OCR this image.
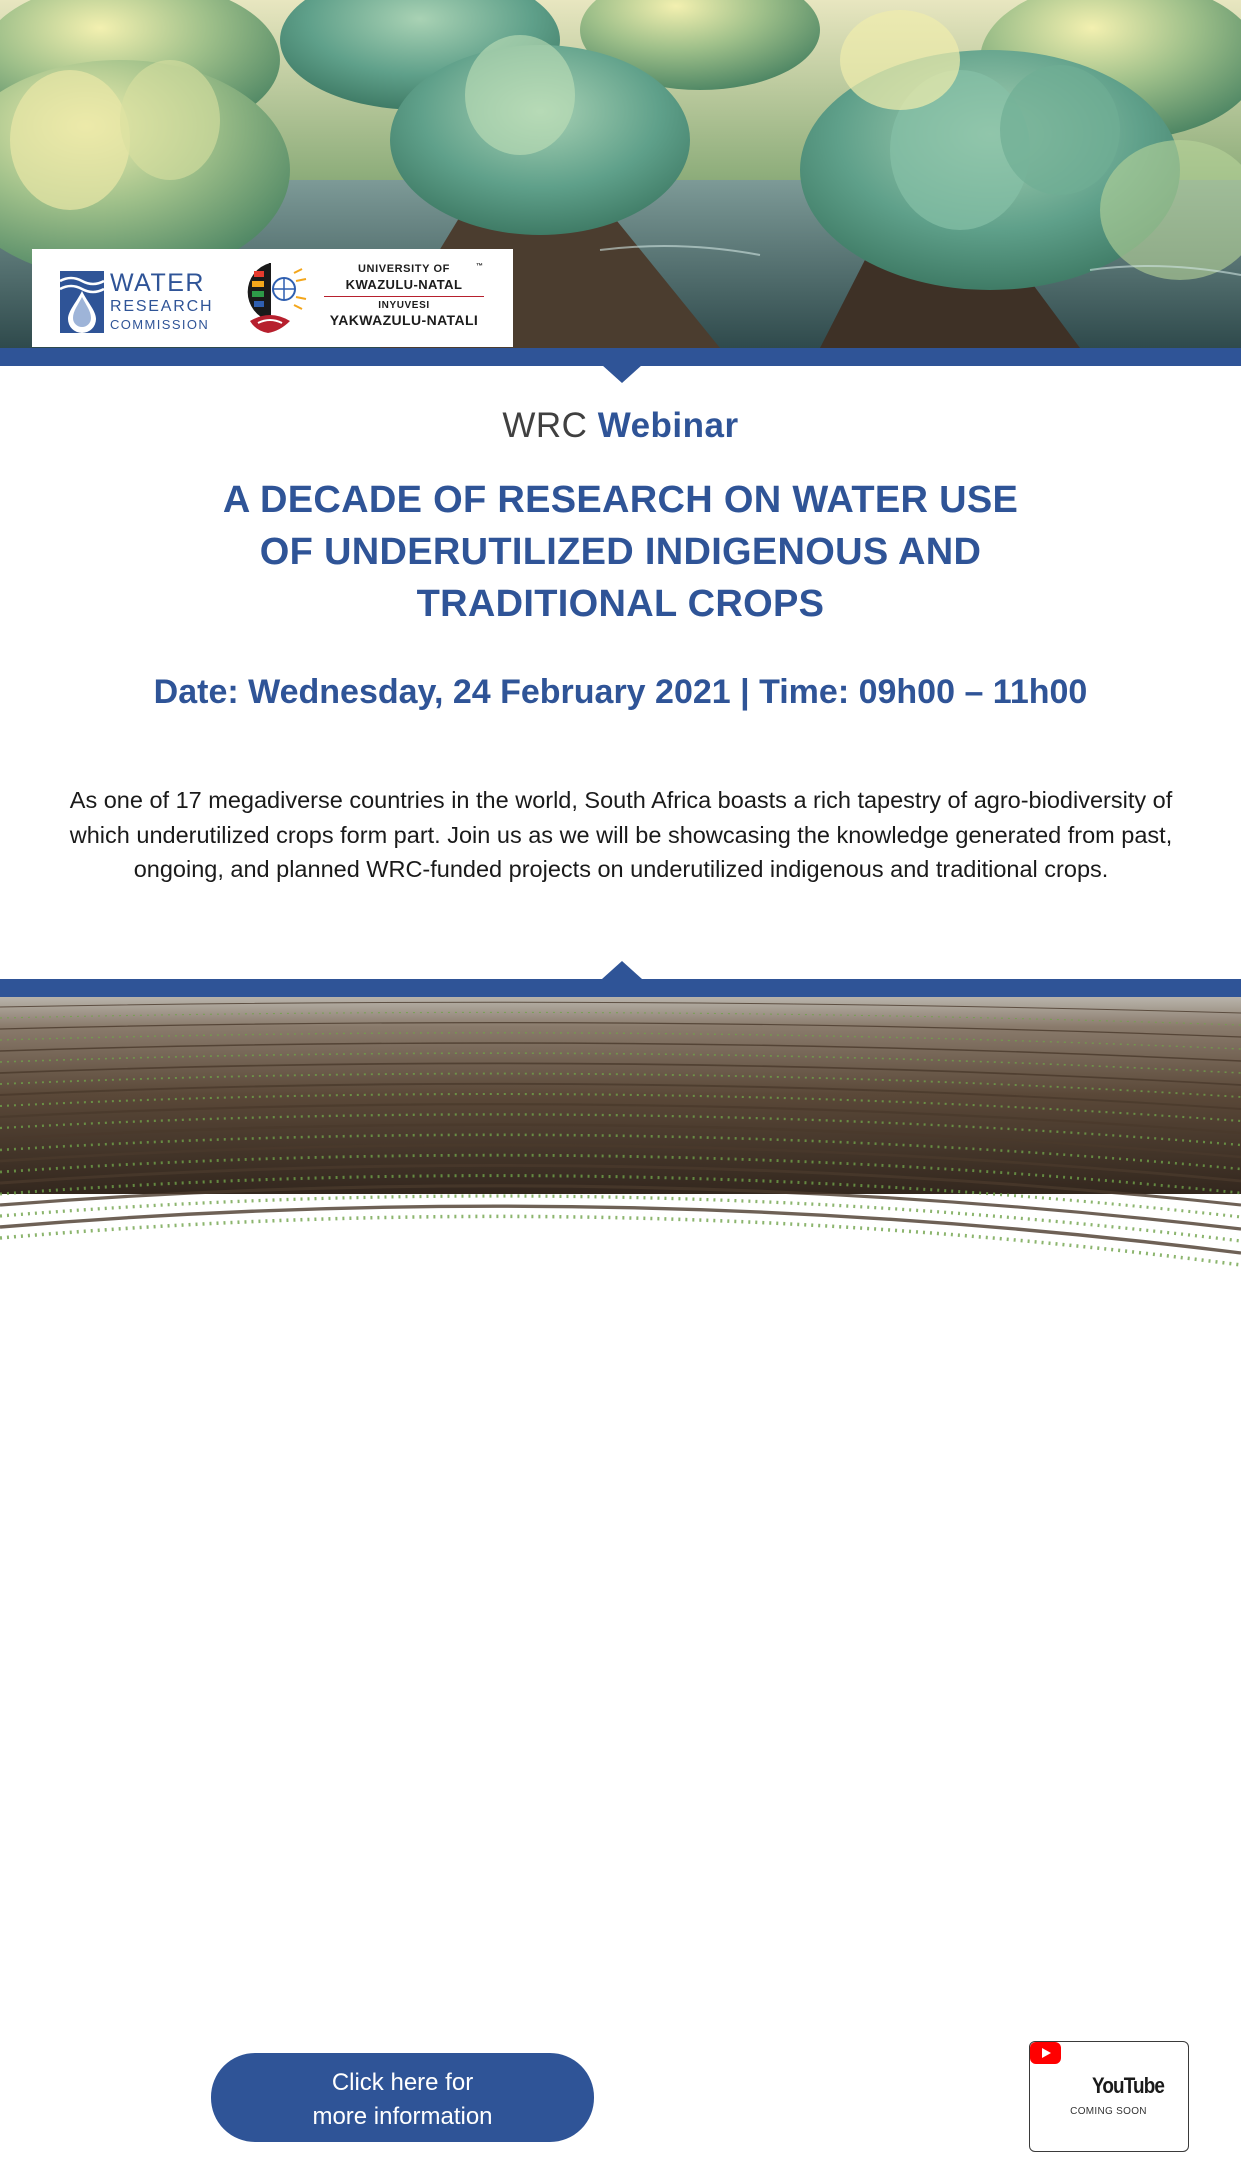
WATER
RESEARCH
COMMISSION
UNIVERSITY OF
KWAZULU-NATAL
INYUVESI
YAKWAZULU-NATALI
™
WRC Webinar
A DECADE OF RESEARCH ON WATER USE
OF UNDERUTILIZED INDIGENOUS AND
TRADITIONAL CROPS
Date: Wednesday, 24 February 2021 | Time: 09h00 – 11h00
As one of 17 megadiverse countries in the world, South Africa boasts a rich tapestry of agro-biodiversity of which underutilized crops form part. Join us as we will be showcasing the knowledge generated from past, ongoing, and planned WRC-funded projects on underutilized indigenous and traditional crops.
Click here for
more information
YouTube
COMING SOON
